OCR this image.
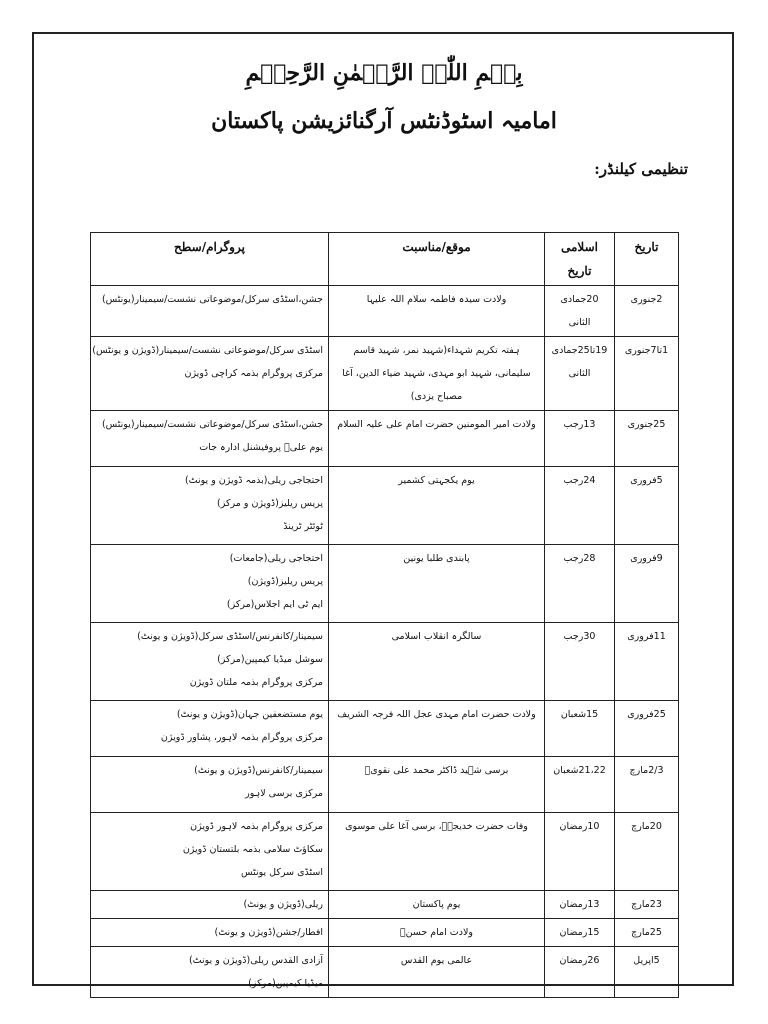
بِسۡمِ اللّٰہِ الرَّحۡمٰنِ الرَّحِیۡمِ
امامیہ اسٹوڈنٹس آرگنائزیشن پاکستان
تنظیمی کیلنڈر:
تاریخ	اسلامی تاریخ	موقع/مناسبت	پروگرام/سطح
2جنوری	20جمادی الثانی	ولادت سیدہ فاطمہ سلام اللہ علیہا	جشن،اسٹڈی سرکل/موضوعاتی نشست/سیمینار(یونٹس)

1تا7جنوری	19تا25جمادی الثانی	ہفتہ تکریم شہداء(شہید نمر، شہید قاسم سلیمانی، شہید ابو مہدی، شہید ضیاء الدین، آغا مصباح یزدی)	اسٹڈی سرکل/موضوعاتی نشست/سیمینار(ڈویژن و یونٹس)
مرکزی پروگرام بذمہ کراچی ڈویژن

25جنوری	13رجب	ولادت امیر المومنین حضرت امام علی علیہ السلام	جشن،اسٹڈی سرکل/موضوعاتی نشست/سیمینار(یونٹس)
یوم علیؑ پروفیشنل ادارہ جات

5فروری	24رجب	یوم یکجہتی کشمیر	احتجاجی ریلی(بذمہ ڈویژن و یونٹ)
پریس ریلیز(ڈویژن و مرکز)
ٹوئٹر ٹرینڈ

9فروری	28رجب	پابندی طلبا یونین	احتجاجی ریلی(جامعات)
پریس ریلیز(ڈویژن)
ایم ٹی ایم اجلاس(مرکز)

11فروری	30رجب	سالگرہ انقلاب اسلامی	سیمینار/کانفرنس/اسٹڈی سرکل(ڈویژن و یونٹ)
سوشل میڈیا کیمپین(مرکز)
مرکزی پروگرام بذمہ ملتان ڈویژن

25فروری	15شعبان	ولادت حضرت امام مہدی عجل اللہ فرجہ الشریف	یوم مستضعفین جہان(ڈویژن و یونٹ)
مرکزی پروگرام بذمہ لاہور، پشاور ڈویژن

2/3مارچ	21،22شعبان	برسی شہید ڈاکٹر محمد علی نقویؒ	سیمینار/کانفرنس(ڈویژن و یونٹ)
مرکزی برسی لاہور

20مارچ	10رمضان	وفات حضرت خدیجہؑ، برسی آغا علی موسوی	مرکزی پروگرام بذمہ لاہور ڈویژن
سکاؤٹ سلامی بذمہ بلتستان ڈویژن
اسٹڈی سرکل یونٹس

23مارچ	13رمضان	یوم پاکستان	ریلی(ڈویژن و یونٹ)

25مارچ	15رمضان	ولادت امام حسنؑ	افطار/جشن(ڈویژن و یونٹ)

5اپریل	26رمضان	عالمی یوم القدس	آزادی القدس ریلی(ڈویژن و یونٹ)
میڈیا کیمپین(مرکز)
